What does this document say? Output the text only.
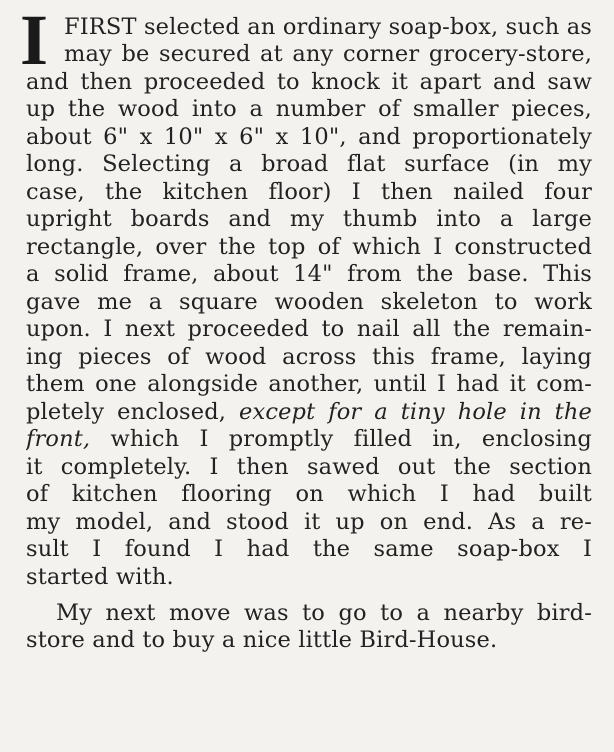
I FIRST selected an ordinary soap-box, such as
may be secured at any corner grocery-store,
and then proceeded to knock it apart and saw
up the wood into a number of smaller pieces,
about 6" x 10" x 6" x 10", and proportionately
long. Selecting a broad flat surface (in my
case, the kitchen floor) I then nailed four
upright boards and my thumb into a large
rectangle, over the top of which I constructed
a solid frame, about 14" from the base. This
gave me a square wooden skeleton to work
upon. I next proceeded to nail all the remain-
ing pieces of wood across this frame, laying
them one alongside another, until I had it com-
pletely enclosed, except for a tiny hole in the
front, which I promptly filled in, enclosing
it completely. I then sawed out the section
of kitchen flooring on which I had built
my model, and stood it up on end. As a re-
sult I found I had the same soap-box I
started with.
My next move was to go to a nearby bird-
store and to buy a nice little Bird-House.
